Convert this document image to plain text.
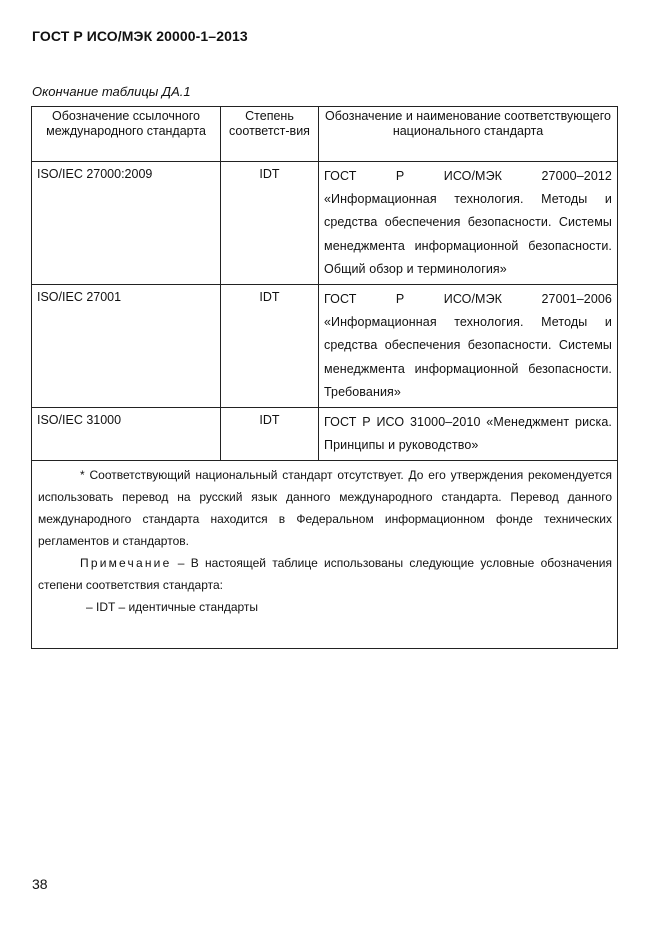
ГОСТ Р ИСО/МЭК 20000-1–2013
Окончание таблицы ДА.1
Обозначение ссылочного международного стандарта	Степень соответст-вия	Обозначение и наименование соответствующего национального стандарта
ISO/IEC 27000:2009	IDT	ГОСТ Р ИСО/МЭК 27000–2012 «Информационная технология. Методы и средства обеспечения безопасности. Системы менеджмента информационной безопасности. Общий обзор и терминология»
ISO/IEC 27001	IDT	ГОСТ Р ИСО/МЭК 27001–2006 «Информационная технология. Методы и средства обеспечения безопасности. Системы менеджмента информационной безопасности. Требования»
ISO/IEC 31000	IDT	ГОСТ Р ИСО 31000–2010 «Менеджмент риска. Принципы и руководство»

* Соответствующий национальный стандарт отсутствует. До его утверждения рекомендуется использовать перевод на русский язык данного международного стандарта. Перевод данного международного стандарта находится в Федеральном информационном фонде технических регламентов и стандартов.

Примечание – В настоящей таблице использованы следующие условные обозначения степени соответствия стандарта:

– IDT – идентичные стандарты		

38
